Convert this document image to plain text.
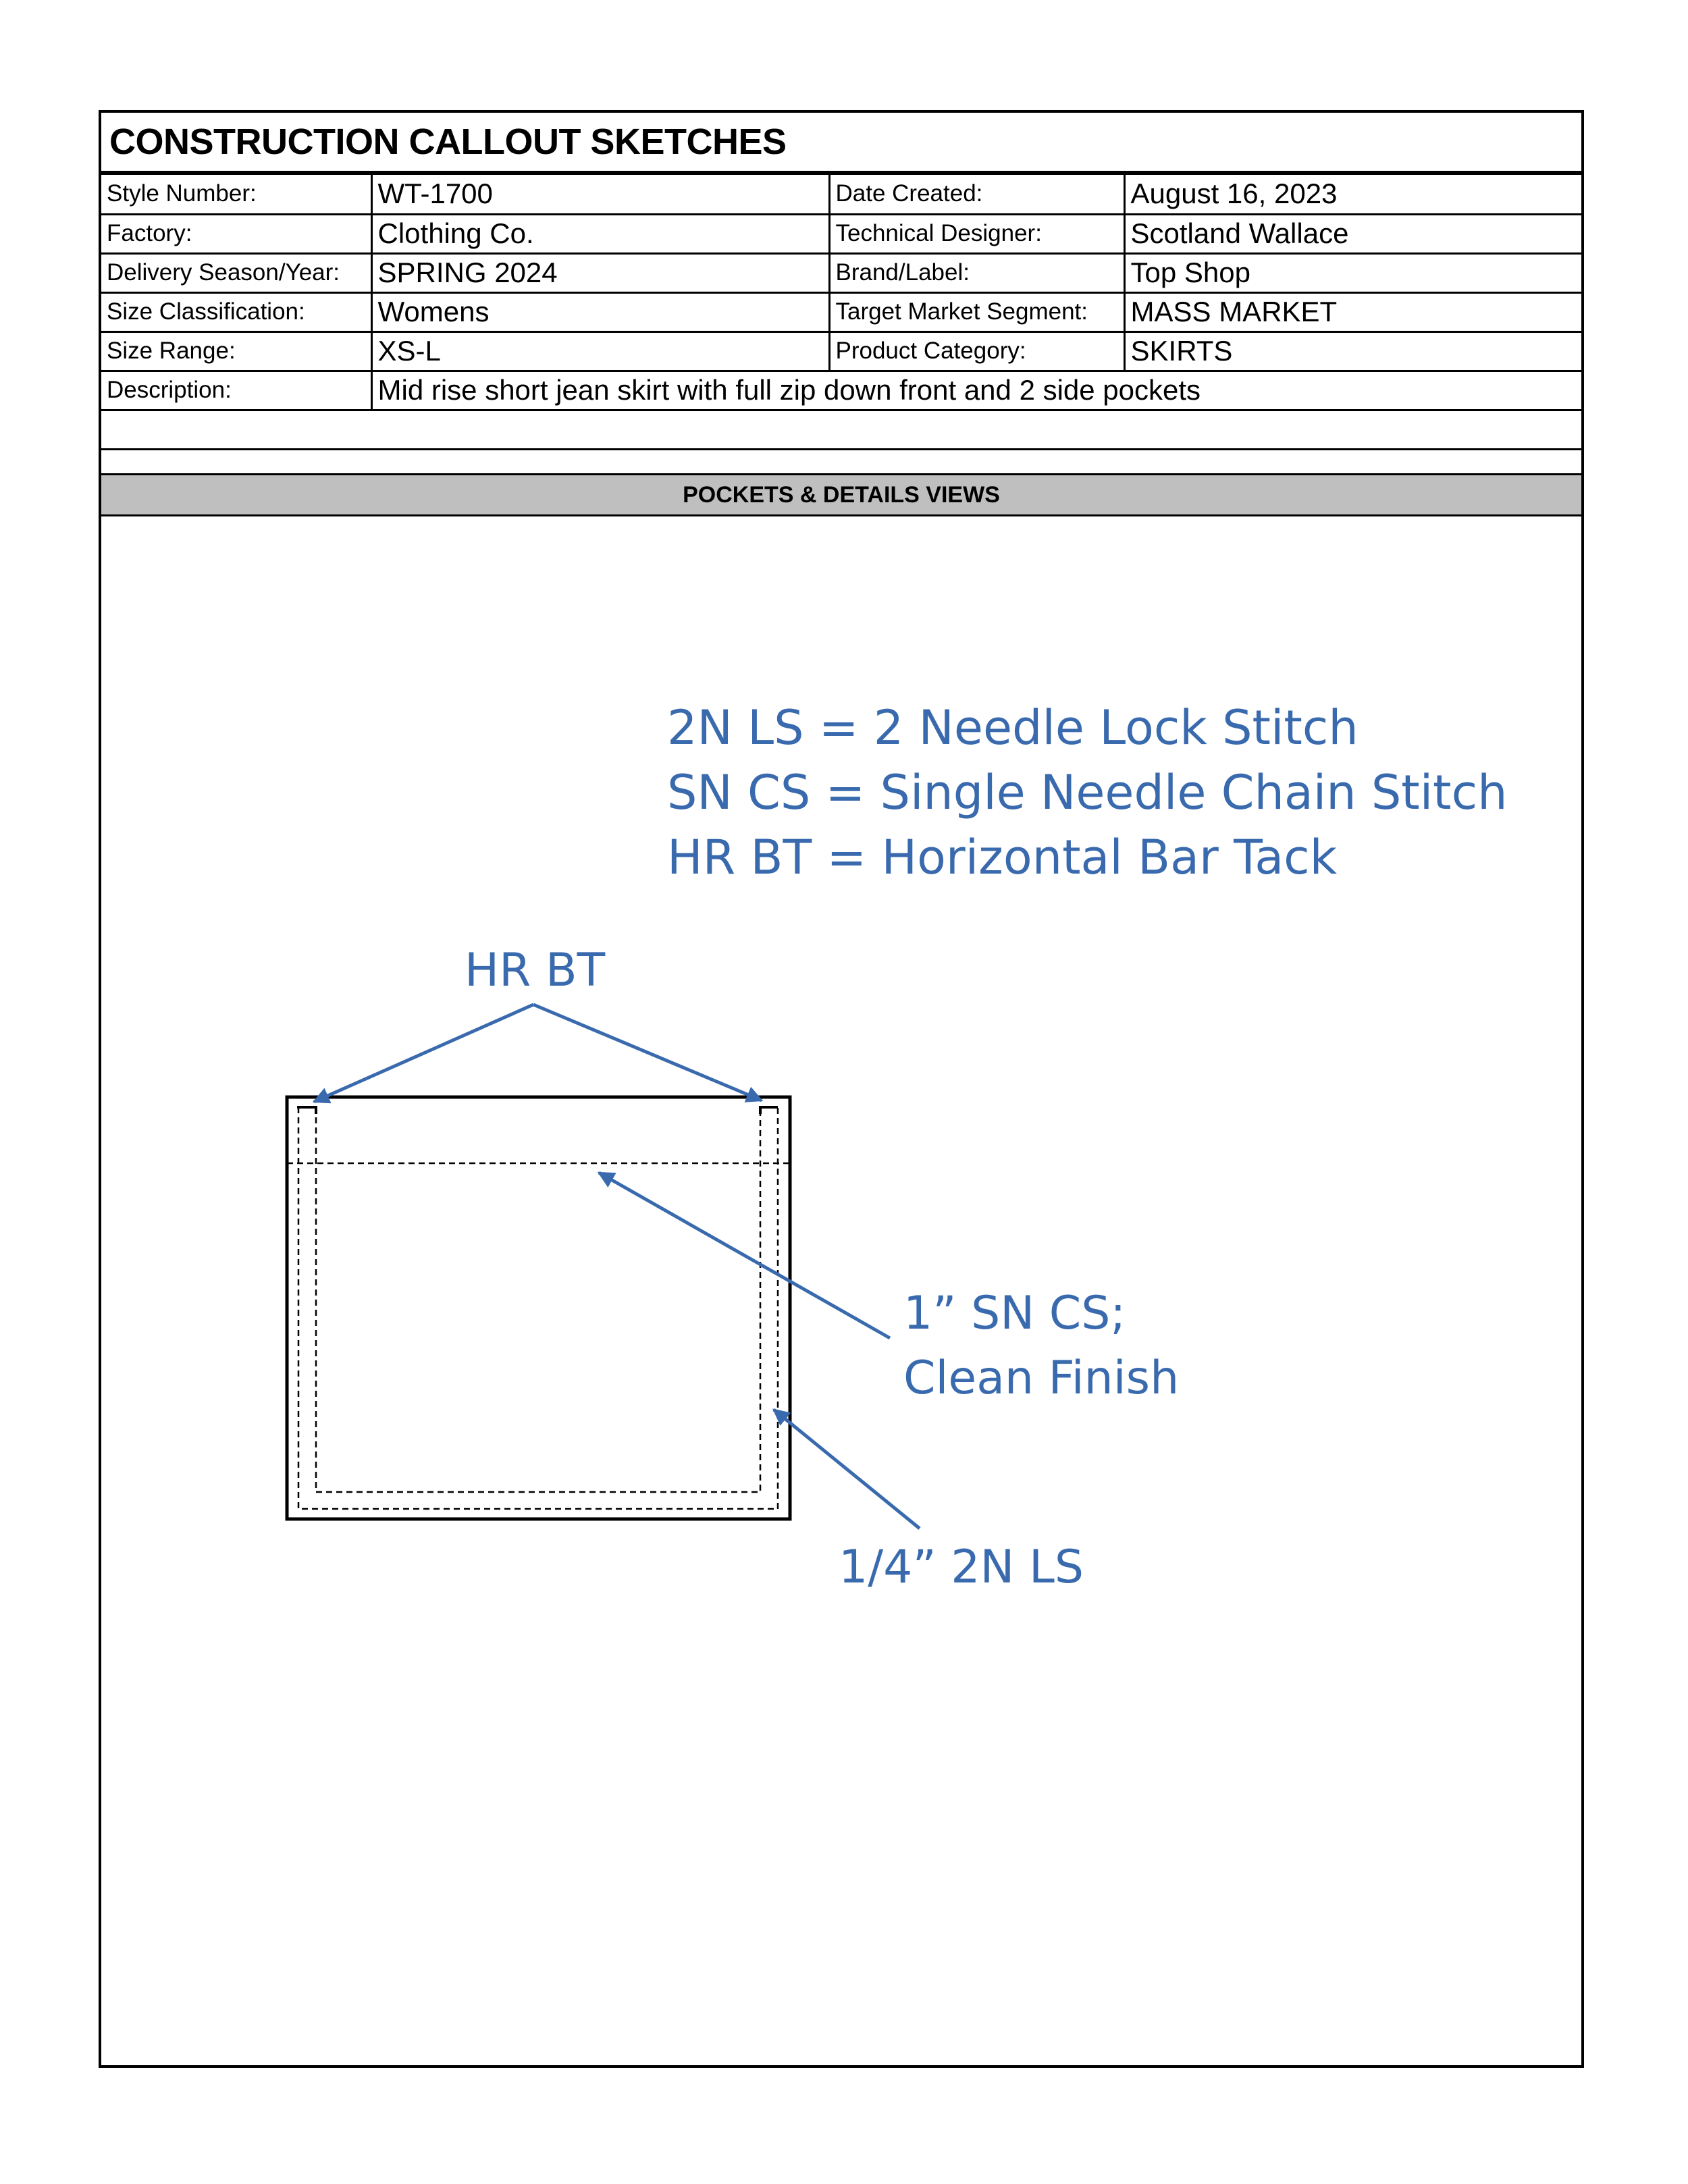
CONSTRUCTION CALLOUT SKETCHES
Style Number:	WT-1700	Date Created:	August 16, 2023
Factory:	Clothing Co.	Technical Designer:	Scotland Wallace
Delivery Season/Year:	SPRING 2024	Brand/Label:	Top Shop
Size Classification:	Womens	Target Market Segment:	MASS MARKET
Size Range:	XS-L	Product Category:	SKIRTS
Description:	Mid rise short jean skirt with full zip down front and 2 side pockets		

POCKETS & DETAILS VIEWS
2N LS = 2 Needle Lock Stitch
SN CS = Single Needle Chain Stitch
HR BT = Horizontal Bar Tack
HR BT
1” SN CS;
Clean Finish
1/4” 2N LS
